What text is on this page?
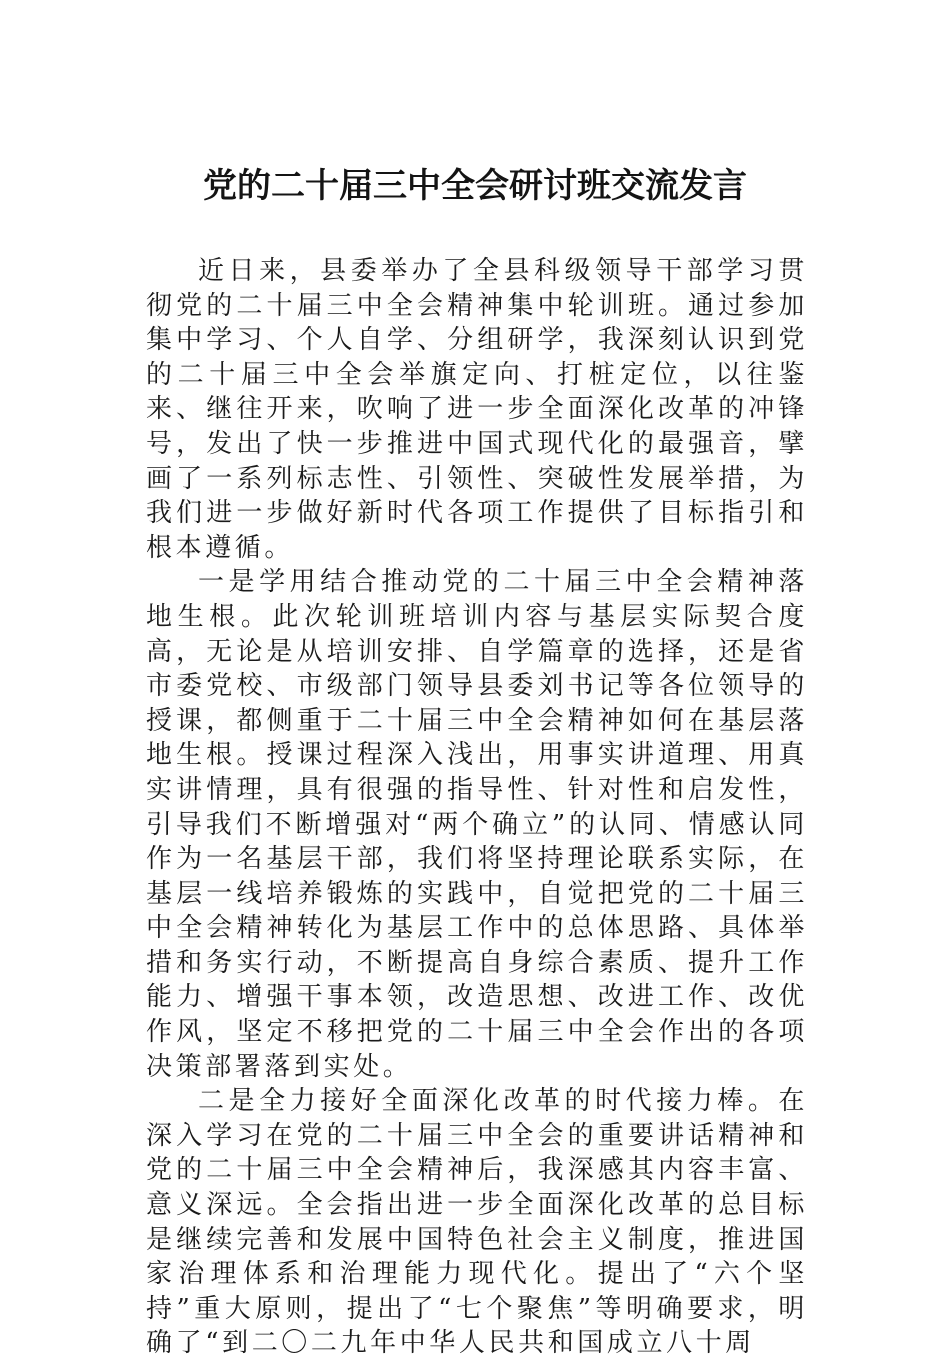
党的二十届三中全会研讨班交流发言

近日来，县委举办了全县科级领导干部学习贯彻党的二十届三中全会精神集中轮训班。通过参加集中学习、个人自学、分组研学，我深刻认识到党的二十届三中全会举旗定向、打桩定位，以往鉴来、继往开来，吹响了进一步全面深化改革的冲锋号，发出了快一步推进中国式现代化的最强音，擘画了一系列标志性、引领性、突破性发展举措，为我们进一步做好新时代各项工作提供了目标指引和根本遵循。

一是学用结合推动党的二十届三中全会精神落地生根。此次轮训班培训内容与基层实际契合度高，无论是从培训安排、自学篇章的选择，还是省市委党校、市级部门领导县委刘书记等各位领导的授课，都侧重于二十届三中全会精神如何在基层落地生根。授课过程深入浅出，用事实讲道理、用真实讲情理，具有很强的指导性、针对性和启发性，引导我们不断增强对“两个确立”的认同、情感认同作为一名基层干部，我们将坚持理论联系实际，在基层一线培养锻炼的实践中，自觉把党的二十届三中全会精神转化为基层工作中的总体思路、具体举措和务实行动，不断提高自身综合素质、提升工作能力、增强干事本领，改造思想、改进工作、改优作风，坚定不移把党的二十届三中全会作出的各项决策部署落到实处。

二是全力接好全面深化改革的时代接力棒。在深入学习在党的二十届三中全会的重要讲话精神和党的二十届三中全会精神后，我深感其内容丰富、意义深远。全会指出进一步全面深化改革的总目标是继续完善和发展中国特色社会主义制度，推进国家治理体系和治理能力现代化。提出了“六个坚持”重大原则，提出了“七个聚焦”等明确要求，明确了“到二〇二九年中华人民共和国成立八十周
